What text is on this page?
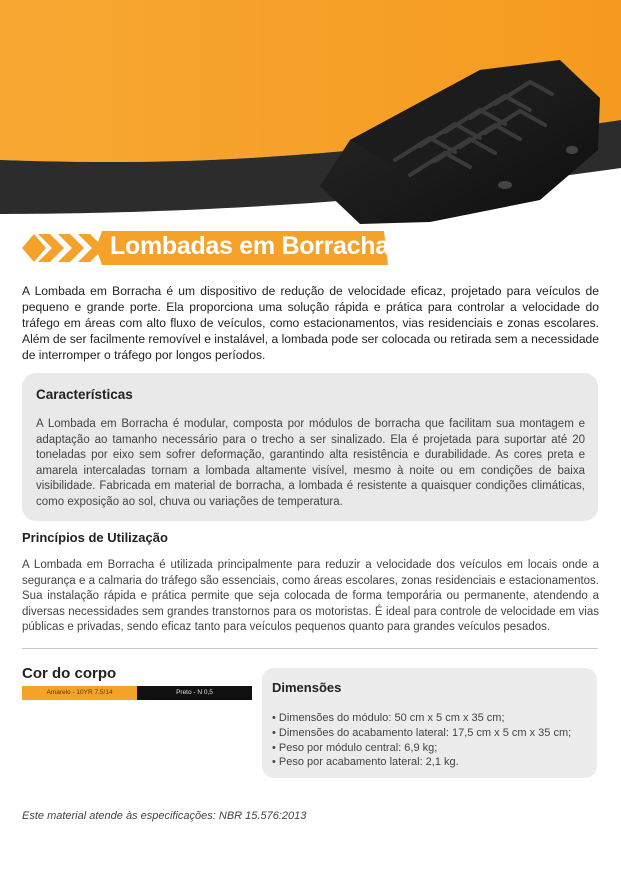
Lombadas em Borracha

A Lombada em Borracha é um dispositivo de redução de velocidade eficaz, projetado para veículos de pequeno e grande porte. Ela proporciona uma solução rápida e prática para controlar a velocidade do tráfego em áreas com alto fluxo de veículos, como estacionamentos, vias residenciais e zonas escolares. Além de ser facilmente removível e instalável, a lombada pode ser colocada ou retirada sem a necessidade de interromper o tráfego por longos períodos.

Características

A Lombada em Borracha é modular, composta por módulos de borracha que facilitam sua montagem e adaptação ao tamanho necessário para o trecho a ser sinalizado. Ela é projetada para suportar até 20 toneladas por eixo sem sofrer deformação, garantindo alta resistência e durabilidade. As cores preta e amarela intercaladas tornam a lombada altamente visível, mesmo à noite ou em condições de baixa visibilidade. Fabricada em material de borracha, a lombada é resistente a quaisquer condições climáticas, como exposição ao sol, chuva ou variações de temperatura.

Princípios de Utilização

A Lombada em Borracha é utilizada principalmente para reduzir a velocidade dos veículos em locais onde a segurança e a calmaria do tráfego são essenciais, como áreas escolares, zonas residenciais e estacionamentos. Sua instalação rápida e prática permite que seja colocada de forma temporária ou permanente, atendendo a diversas necessidades sem grandes transtornos para os motoristas. É ideal para controle de velocidade em vias públicas e privadas, sendo eficaz tanto para veículos pequenos quanto para grandes veículos pesados.

Cor do corpo
Amarelo - 10YR 7,5/14	Preto - N 0,5	Dimensões
• Dimensões do módulo: 50 cm x 5 cm x 35 cm;
• Dimensões do acabamento lateral: 17,5 cm x 5 cm x 35 cm;
• Peso por módulo central: 6,9 kg;
• Peso por acabamento lateral: 2,1 kg.
Este material atende às especificações: NBR 15.576:2013
